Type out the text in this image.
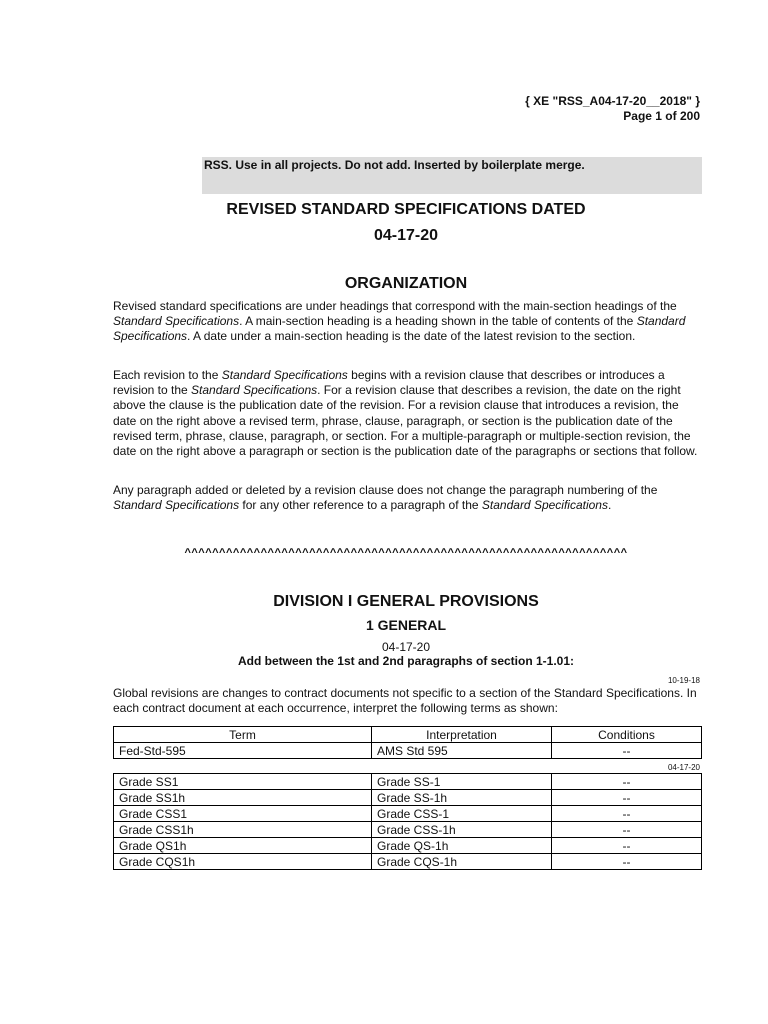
{ XE "RSS_A04-17-20__2018" }
Page 1 of 200
RSS. Use in all projects. Do not add. Inserted by boilerplate merge.
REVISED STANDARD SPECIFICATIONS DATED
04-17-20
ORGANIZATION

Revised standard specifications are under headings that correspond with the main-section headings of the Standard Specifications. A main-section heading is a heading shown in the table of contents of the Standard Specifications. A date under a main-section heading is the date of the latest revision to the section.

Each revision to the Standard Specifications begins with a revision clause that describes or introduces a revision to the Standard Specifications. For a revision clause that describes a revision, the date on the right above the clause is the publication date of the revision. For a revision clause that introduces a revision, the date on the right above a revised term, phrase, clause, paragraph, or section is the publication date of the revised term, phrase, clause, paragraph, or section. For a multiple-paragraph or multiple-section revision, the date on the right above a paragraph or section is the publication date of the paragraphs or sections that follow.

Any paragraph added or deleted by a revision clause does not change the paragraph numbering of the Standard Specifications for any other reference to a paragraph of the Standard Specifications.

^^^^^^^^^^^^^^^^^^^^^^^^^^^^^^^^^^^^^^^^^^^^^^^^^^^^^^^^^^^^^^^^
DIVISION I GENERAL PROVISIONS
1 GENERAL
04-17-20
Add between the 1st and 2nd paragraphs of section 1-1.01:
10-19-18

Global revisions are changes to contract documents not specific to a section of the Standard Specifications. In each contract document at each occurrence, interpret the following terms as shown:

Term	Interpretation	Conditions
Fed-Std-595	AMS Std 595	--
04-17-20
Grade SS1	Grade SS-1	--
Grade SS1h	Grade SS-1h	--
Grade CSS1	Grade CSS-1	--
Grade CSS1h	Grade CSS-1h	--
Grade QS1h	Grade QS-1h	--
Grade CQS1h	Grade CQS-1h	--
